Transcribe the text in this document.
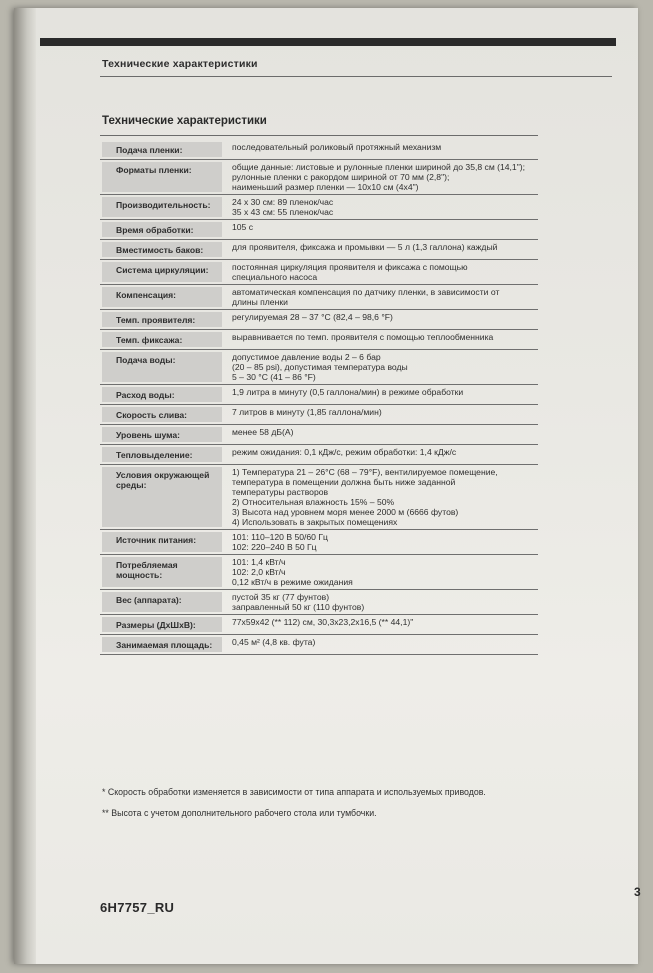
Технические характеристики
Технические характеристики
Подача пленки:	последовательный роликовый протяжный механизм
Форматы пленки:	общие данные: листовые и рулонные пленки шириной до 35,8 см (14,1");
рулонные пленки с ракордом шириной от 70 мм (2,8");
наименьший размер пленки — 10х10 см (4х4")
Производительность:	24 х 30 см: 89 пленок/час
35 х 43 см: 55 пленок/час
Время обработки:	105 с
Вместимость баков:	для проявителя, фиксажа и промывки — 5 л (1,3 галлона) каждый
Система циркуляции:	постоянная циркуляция проявителя и фиксажа с помощью
специального насоса
Компенсация:	автоматическая компенсация по датчику пленки, в зависимости от
длины пленки
Темп. проявителя:	регулируемая 28 – 37 °C (82,4 – 98,6 °F)
Темп. фиксажа:	выравнивается по темп. проявителя с помощью теплообменника
Подача воды:	допустимое давление воды 2 – 6 бар
(20 – 85 psi), допустимая температура воды
5 – 30 °C (41 – 86 °F)
Расход воды:	1,9 литра в минуту (0,5 галлона/мин) в режиме обработки
Скорость слива:	7 литров в минуту (1,85 галлона/мин)
Уровень шума:	менее 58 дБ(А)
Тепловыделение:	режим ожидания: 0,1 кДж/с, режим обработки: 1,4 кДж/с
Условия окружающей среды:
1) Температура 21 – 26°C (68 – 79°F), вентилируемое помещение,
температура в помещении должна быть ниже заданной
температуры растворов
2) Относительная влажность 15% – 50%
3) Высота над уровнем моря менее 2000 м (6666 футов)
4) Использовать в закрытых помещениях
Источник питания:	101: 110–120 В 50/60 Гц
102: 220–240 В 50 Гц
Потребляемая мощность:
101: 1,4 кВт/ч
102: 2,0 кВт/ч
0,12 кВт/ч в режиме ожидания
Вес (аппарата):	пустой 35 кг (77 фунтов)
заправленный 50 кг (110 фунтов)
Размеры (ДхШхВ):	77х59х42 (** 112) см, 30,3х23,2х16,5 (** 44,1)"
Занимаемая площадь:	0,45 м² (4,8 кв. фута)

* Скорость обработки изменяется в зависимости от типа аппарата и используемых приводов.

** Высота с учетом дополнительного рабочего стола или тумбочки.

6H7757_RU
3
